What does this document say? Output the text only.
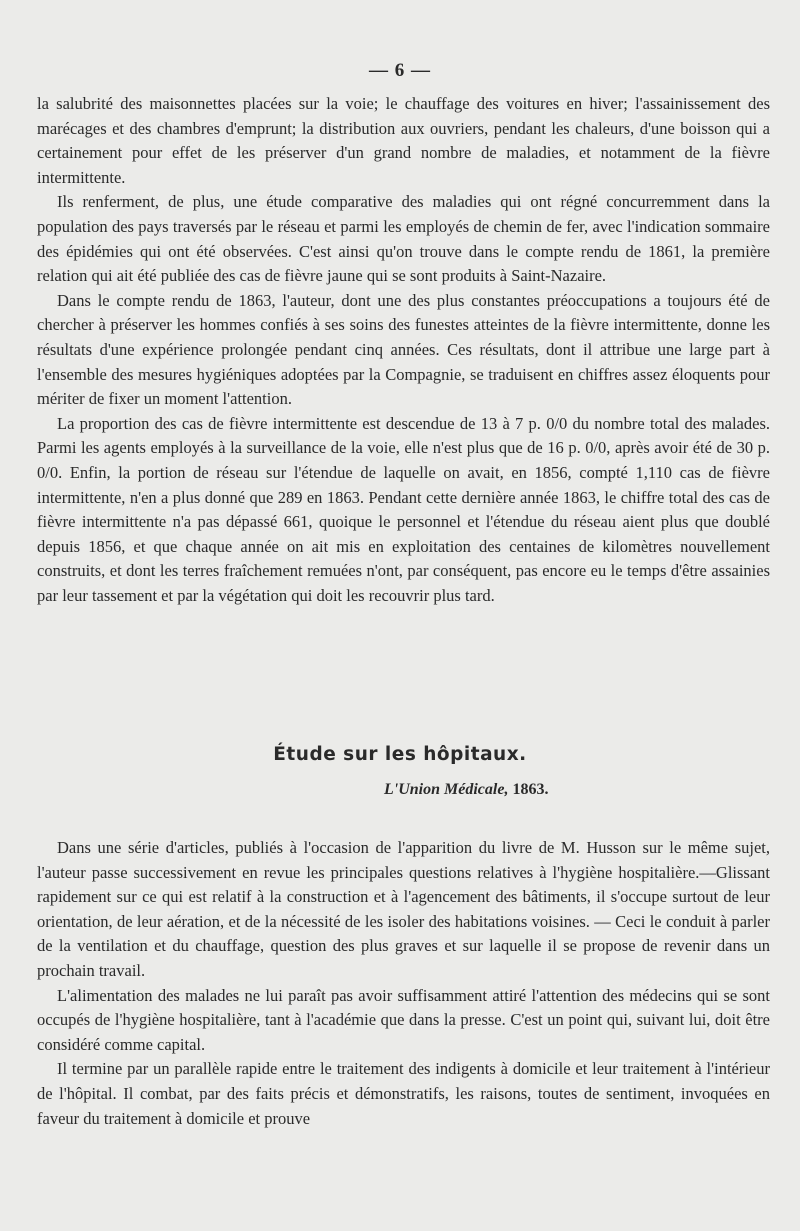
— 6 —

la salubrité des maisonnettes placées sur la voie; le chauffage des voitures en hiver; l'assainissement des marécages et des chambres d'emprunt; la distribution aux ouvriers, pendant les chaleurs, d'une boisson qui a certainement pour effet de les préserver d'un grand nombre de maladies, et notamment de la fièvre intermittente.

Ils renferment, de plus, une étude comparative des maladies qui ont régné concurremment dans la population des pays traversés par le réseau et parmi les employés de chemin de fer, avec l'indication sommaire des épidémies qui ont été observées. C'est ainsi qu'on trouve dans le compte rendu de 1861, la première relation qui ait été publiée des cas de fièvre jaune qui se sont produits à Saint-Nazaire.

Dans le compte rendu de 1863, l'auteur, dont une des plus constantes préoccupations a toujours été de chercher à préserver les hommes confiés à ses soins des funestes atteintes de la fièvre intermittente, donne les résultats d'une expérience prolongée pendant cinq années. Ces résultats, dont il attribue une large part à l'ensemble des mesures hygiéniques adoptées par la Compagnie, se traduisent en chiffres assez éloquents pour mériter de fixer un moment l'attention.

La proportion des cas de fièvre intermittente est descendue de 13 à 7 p. 0/0 du nombre total des malades. Parmi les agents employés à la surveillance de la voie, elle n'est plus que de 16 p. 0/0, après avoir été de 30 p. 0/0. Enfin, la portion de réseau sur l'étendue de laquelle on avait, en 1856, compté 1,110 cas de fièvre intermittente, n'en a plus donné que 289 en 1863. Pendant cette dernière année 1863, le chiffre total des cas de fièvre intermittente n'a pas dépassé 661, quoique le personnel et l'étendue du réseau aient plus que doublé depuis 1856, et que chaque année on ait mis en exploitation des centaines de kilomètres nouvellement construits, et dont les terres fraîchement remuées n'ont, par conséquent, pas encore eu le temps d'être assainies par leur tassement et par la végétation qui doit les recouvrir plus tard.

Étude sur les hôpitaux.
L'Union Médicale, 1863.

Dans une série d'articles, publiés à l'occasion de l'apparition du livre de M. Husson sur le même sujet, l'auteur passe successivement en revue les principales questions relatives à l'hygiène hospitalière.—Glissant rapidement sur ce qui est relatif à la construction et à l'agencement des bâtiments, il s'occupe surtout de leur orientation, de leur aération, et de la nécessité de les isoler des habitations voisines. — Ceci le conduit à parler de la ventilation et du chauffage, question des plus graves et sur laquelle il se propose de revenir dans un prochain travail.

L'alimentation des malades ne lui paraît pas avoir suffisamment attiré l'attention des médecins qui se sont occupés de l'hygiène hospitalière, tant à l'académie que dans la presse. C'est un point qui, suivant lui, doit être considéré comme capital.

Il termine par un parallèle rapide entre le traitement des indigents à domicile et leur traitement à l'intérieur de l'hôpital. Il combat, par des faits précis et démonstratifs, les raisons, toutes de sentiment, invoquées en faveur du traitement à domicile et prouve
